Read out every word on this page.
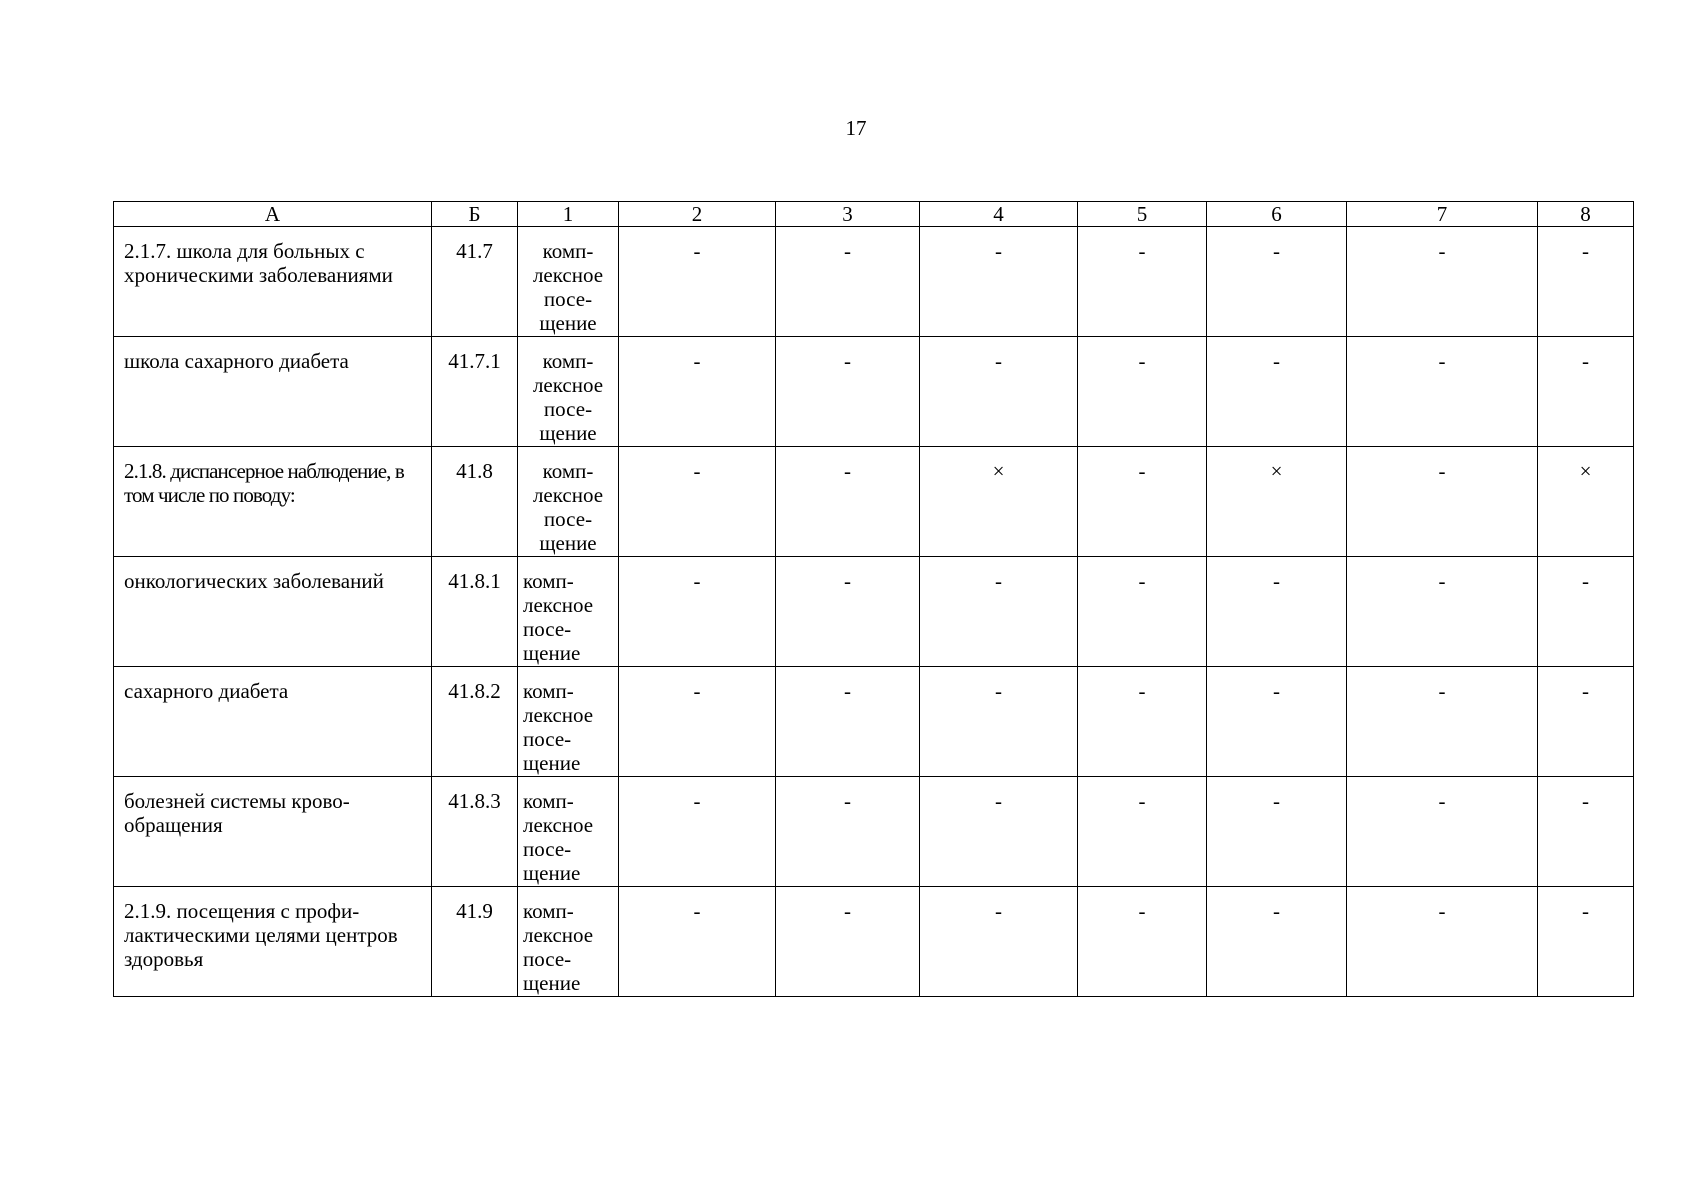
17
А	Б	1	2	3	4	5	6	7	8
2.1.7. школа для больных с хроническими заболеваниями	41.7	комп-
лексное
посе-
щение	-	-	-	-	-	-	-
школа сахарного диабета	41.7.1	комп-
лексное
посе-
щение	-	-	-	-	-	-	-
2.1.8. диспансерное наблюдение, в том числе по поводу:	41.8	комп-
лексное
посе-
щение	-	-	×	-	×	-	×
онкологических заболеваний	41.8.1	комп-
лексное
посе-
щение	-	-	-	-	-	-	-
сахарного диабета	41.8.2	комп-
лексное
посе-
щение	-	-	-	-	-	-	-
болезней системы крово-обращения	41.8.3	комп-
лексное
посе-
щение	-	-	-	-	-	-	-
2.1.9. посещения с профи-лактическими целями центров здоровья	41.9	комп-
лексное
посе-
щение	-	-	-	-	-	-	-
